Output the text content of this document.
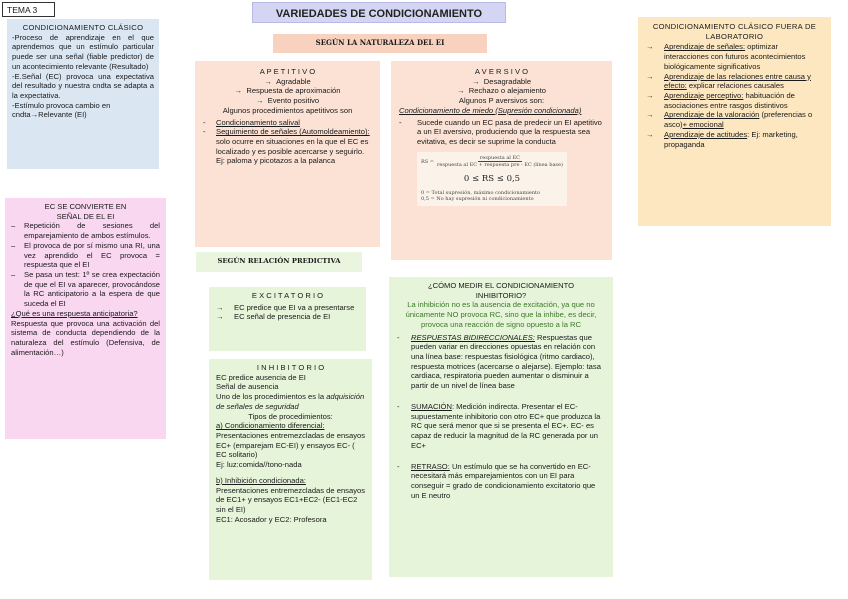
TEMA 3	VARIEDADES DE CONDICIONAMIENTO
SEGÚN LA NATURALEZA DEL EI
CONDICIONAMIENTO CLÁSICO
-Proceso de aprendizaje en el que aprendemos que un estímulo particular puede ser una señal (fiable predictor) de un acontecimiento relevante (Resultado)
-E.Señal (EC) provoca una expectativa del resultado y nuestra cndta se adapta a la expectativa.
-Estímulo provoca cambio en cndta→Relevante (EI)
EC SE CONVIERTE EN SEÑAL DE EL EI
– Repetición de sesiones del emparejamiento de ambos estímulos.
– El provoca de por sí mismo una RI, una vez aprendido el EC provoca = respuesta que el EI
– Se pasa un test: 1º se crea expectación de que el EI va aparecer, provocándose la RC anticipatorio a la espera de que suceda el EI
¿Qué es una respuesta anticipatoria?
Respuesta que provoca una activación del sistema de conducta dependiendo de la naturaleza del estímulo (Defensiva, de alimentación…)
A P E T I T I V O
→ Agradable
→ Respuesta de aproximación
→ Evento positivo
Algunos procedimientos apetitivos son
- Condicionamiento salival
- Seguimiento de señales (Automoldeamiento): solo ocurre en situaciones en la que el EC es localizado y es posible acercarse y seguirlo. Ej: paloma y picotazos a la palanca
A V E R S I V O
→ Desagradable
→ Rechazo o alejamiento
Algunos P aversivos son:
Condicionamiento de miedo (Supresión condicionada)
- Sucede cuando un EC pasa de predecir un EI apetitivo a un EI aversivo, produciendo que la respuesta sea evitativa, es decir se suprime la conducta
RS =
respuesta al EC
respuesta al EC + respuesta pre - EC (línea base)
0 ≤ RS ≤ 0,5
0 = Total supresión, máximo condicionamiento
0,5 = No hay supresión ni condicionamiento
CONDICIONAMIENTO CLÁSICO FUERA DE LABORATORIO
→ Aprendizaje de señales: optimizar interacciones con futuros acontecimientos biológicamente significativos
→ Aprendizaje de las relaciones entre causa y efecto: explicar relaciones causales
→ Aprendizaje perceptivo: habituación de asociaciones entre rasgos distintivos
→ Aprendizaje de la valoración (preferencias o asco)+ emocional
→ Aprendizaje de actitudes: Ej: marketing, propaganda
SEGÚN RELACIÓN PREDICTIVA
E X C I T A T O R I O
→ EC predice que EI va a presentarse
→ EC señal de presencia de EI
I N H I B I T O R I O
EC predice ausencia de EI
Señal de ausencia
Uno de los procedimientos es la adquisición de señales de seguridad
Tipos de procedimientos:
a) Condicionamiento diferencial:
Presentaciones entremezcladas de ensayos EC+ (emparejam EC-EI) y ensayos EC- ( EC solitario)
Ej: luz:comida//tono-nada
b) Inhibición condicionada:
Presentaciones entremezcladas de ensayos de EC1+ y ensayos EC1+EC2- (EC1-EC2 sin el EI)
EC1: Acosador y EC2: Profesora
¿CÓMO MEDIR EL CONDICIONAMIENTO INHIBITORIO?
La inhibición no es la ausencia de excitación, ya que no únicamente NO provoca RC, sino que la inhibe, es decir, provoca una reacción de signo opuesto a la RC
- RESPUESTAS BIDIRECCIONALES: Respuestas que pueden variar en direcciones opuestas en relación con una línea base: respuestas fisiológica (ritmo cardiaco), respuesta motrices (acercarse o alejarse). Ejemplo: tasa cardiaca, respiratoria pueden aumentar o disminuir a partir de un nivel de línea base
- SUMACIÓN: Medición indirecta. Presentar el EC- supuestamente inhibitorio con otro EC+ que produzca la RC que será menor que si se presenta el EC+. EC- es capaz de reducir la magnitud de la RC generada por un EC+
- RETRASO: Un estímulo que se ha convertido en EC- necesitará más emparejamientos con un EI para conseguir = grado de condicionamiento excitatorio que un E neutro
